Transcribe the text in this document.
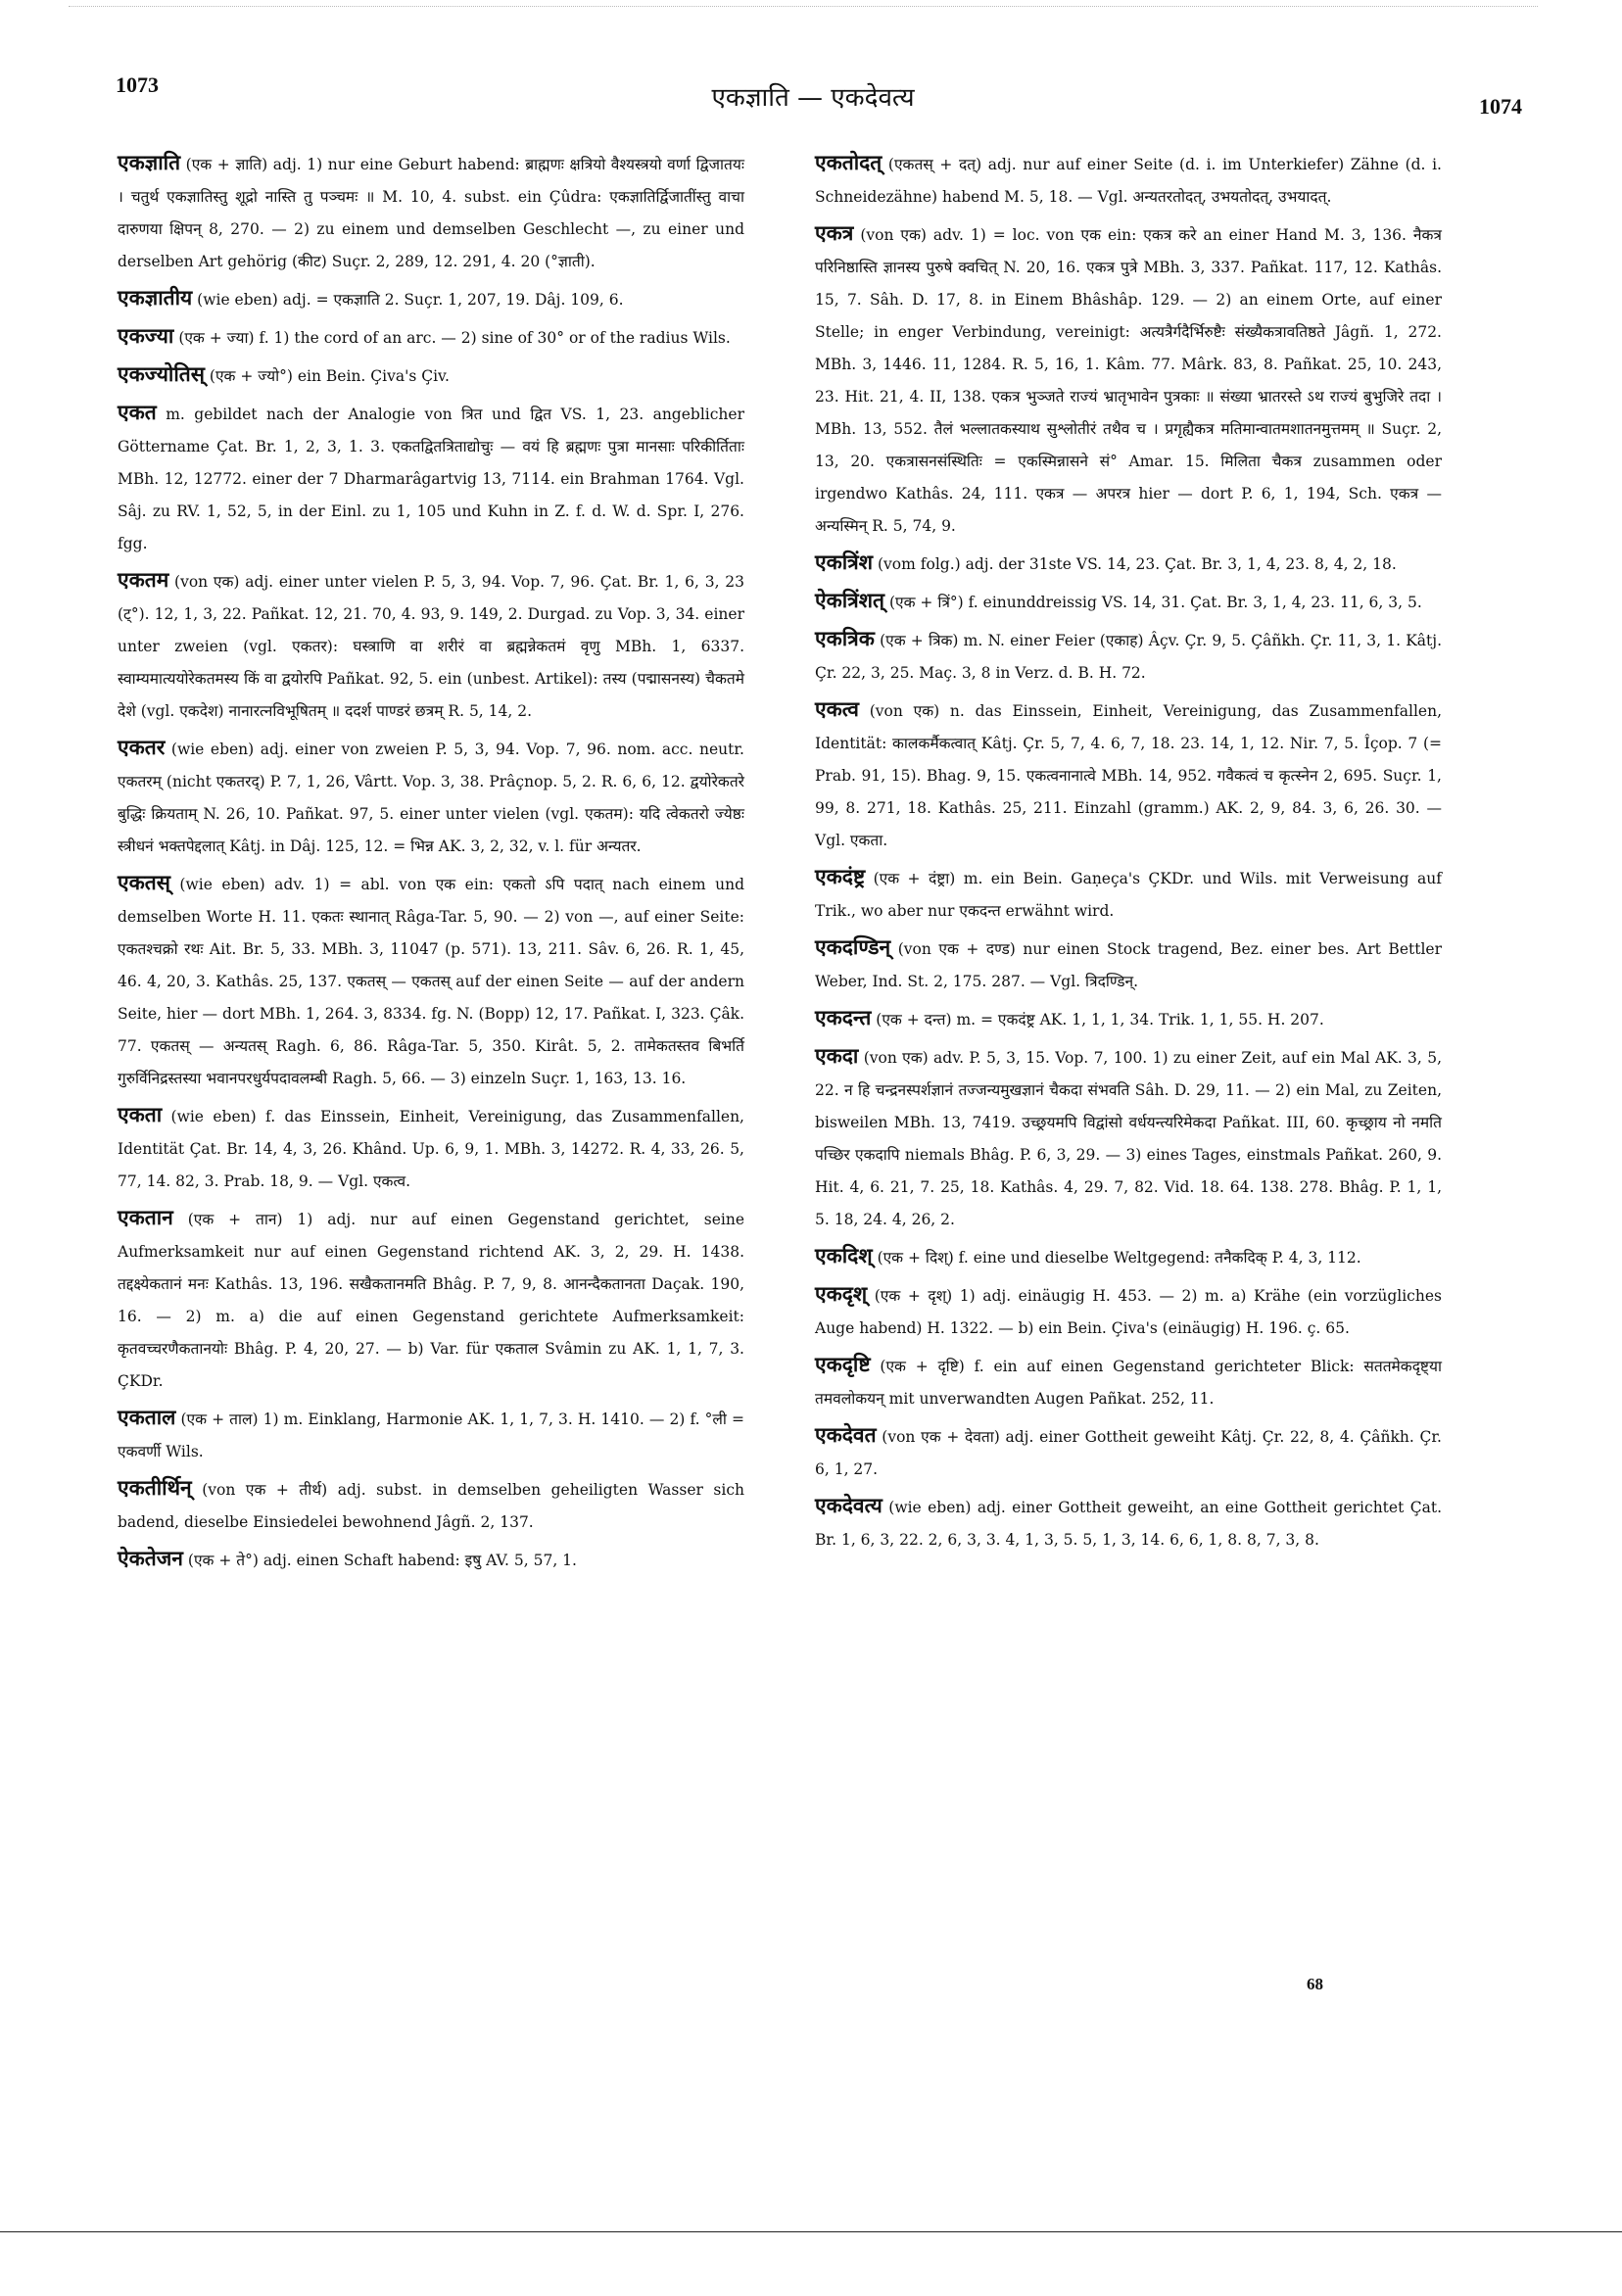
1073	एकज्ञाति — एकदेवत्य	1074

एकज्ञाति (एक + ज्ञाति) adj. 1) nur eine Geburt habend: ब्राह्मणः क्षत्रियो वैश्यस्त्रयो वर्णा द्विजातयः । चतुर्थ एकज्ञातिस्तु शूद्रो नास्ति तु पञ्चमः ॥ M. 10, 4. subst. ein Çûdra: एकज्ञातिर्द्विजातींस्तु वाचा दारुणया क्षिपन् 8, 270. — 2) zu einem und demselben Geschlecht —, zu einer und derselben Art gehörig (कीट) Suçr. 2, 289, 12. 291, 4. 20 (°ज्ञाती).

एकज्ञातीय (wie eben) adj. = एकज्ञाति 2. Suçr. 1, 207, 19. Dâj. 109, 6.

एकज्या (एक + ज्या) f. 1) the cord of an arc. — 2) sine of 30° or of the radius Wils.

एकज्योतिस् (एक + ज्यो°) ein Bein. Çiva's Çiv.

एकत m. gebildet nach der Analogie von त्रित und द्वित VS. 1, 23. angeblicher Göttername Çat. Br. 1, 2, 3, 1. 3. एकतद्वितत्रिताद्योचुः — वयं हि ब्रह्मणः पुत्रा मानसाः परिकीर्तिताः MBh. 12, 12772. einer der 7 Dharmarâgartvig 13, 7114. ein Brahman 1764. Vgl. Sâj. zu RV. 1, 52, 5, in der Einl. zu 1, 105 und Kuhn in Z. f. d. W. d. Spr. I, 276. fgg.

एकतम (von एक) adj. einer unter vielen P. 5, 3, 94. Vop. 7, 96. Çat. Br. 1, 6, 3, 23 (ट्°). 12, 1, 3, 22. Pañkat. 12, 21. 70, 4. 93, 9. 149, 2. Durgad. zu Vop. 3, 34. einer unter zweien (vgl. एकतर): घस्त्राणि वा शरीरं वा ब्रह्मन्नेकतमं वृणु MBh. 1, 6337. स्वाम्यमात्ययोरेकतमस्य किं वा द्वयोरपि Pañkat. 92, 5. ein (unbest. Artikel): तस्य (पद्मासनस्य) चैकतमे देशे (vgl. एकदेश) नानारत्नविभूषितम् ॥ ददर्श पाण्डरं छत्रम् R. 5, 14, 2.

एकतर (wie eben) adj. einer von zweien P. 5, 3, 94. Vop. 7, 96. nom. acc. neutr. एकतरम् (nicht एकतरद्) P. 7, 1, 26, Vârtt. Vop. 3, 38. Prâçnop. 5, 2. R. 6, 6, 12. द्वयोरेकतरे बुद्धिः क्रियताम् N. 26, 10. Pañkat. 97, 5. einer unter vielen (vgl. एकतम): यदि त्वेकतरो ज्येष्ठः स्त्रीधनं भक्तपेद्दलात् Kâtj. in Dâj. 125, 12. = भिन्न AK. 3, 2, 32, v. l. für अन्यतर.

एकतस् (wie eben) adv. 1) = abl. von एक ein: एकतो ऽपि पदात् nach einem und demselben Worte H. 11. एकतः स्थानात् Râga-Tar. 5, 90. — 2) von —, auf einer Seite: एकतश्चक्रो रथः Ait. Br. 5, 33. MBh. 3, 11047 (p. 571). 13, 211. Sâv. 6, 26. R. 1, 45, 46. 4, 20, 3. Kathâs. 25, 137. एकतस् — एकतस् auf der einen Seite — auf der andern Seite, hier — dort MBh. 1, 264. 3, 8334. fg. N. (Bopp) 12, 17. Pañkat. I, 323. Çâk. 77. एकतस् — अन्यतस् Ragh. 6, 86. Râga-Tar. 5, 350. Kirât. 5, 2. तामेकतस्तव बिभर्ति गुरुर्विनिद्रस्तस्या भवानपरधुर्यपदावलम्बी Ragh. 5, 66. — 3) einzeln Suçr. 1, 163, 13. 16.

एकता (wie eben) f. das Einssein, Einheit, Vereinigung, das Zusammenfallen, Identität Çat. Br. 14, 4, 3, 26. Khând. Up. 6, 9, 1. MBh. 3, 14272. R. 4, 33, 26. 5, 77, 14. 82, 3. Prab. 18, 9. — Vgl. एकत्व.

एकतान (एक + तान) 1) adj. nur auf einen Gegenstand gerichtet, seine Aufmerksamkeit nur auf einen Gegenstand richtend AK. 3, 2, 29. H. 1438. तद्दक्ष्येकतानं मनः Kathâs. 13, 196. सखैकतानमति Bhâg. P. 7, 9, 8. आनन्दैकतानता Daçak. 190, 16. — 2) m. a) die auf einen Gegenstand gerichtete Aufmerksamkeit: कृतवच्चरणैकतानयोः Bhâg. P. 4, 20, 27. — b) Var. für एकताल Svâmin zu AK. 1, 1, 7, 3. ÇKDr.

एकताल (एक + ताल) 1) m. Einklang, Harmonie AK. 1, 1, 7, 3. H. 1410. — 2) f. °ली = एकवर्णी Wils.

एकतीर्थिन् (von एक + तीर्थ) adj. subst. in demselben geheiligten Wasser sich badend, dieselbe Einsiedelei bewohnend Jâgñ. 2, 137.

ऐकतेजन (एक + ते°) adj. einen Schaft habend: इषु AV. 5, 57, 1.

एकतोदत् (एकतस् + दत्) adj. nur auf einer Seite (d. i. im Unterkiefer) Zähne (d. i. Schneidezähne) habend M. 5, 18. — Vgl. अन्यतरतोदत्, उभयतोदत्, उभयादत्.

एकत्र (von एक) adv. 1) = loc. von एक ein: एकत्र करे an einer Hand M. 3, 136. नैकत्र परिनिष्ठास्ति ज्ञानस्य पुरुषे क्वचित् N. 20, 16. एकत्र पुत्रे MBh. 3, 337. Pañkat. 117, 12. Kathâs. 15, 7. Sâh. D. 17, 8. in Einem Bhâshâp. 129. — 2) an einem Orte, auf einer Stelle; in enger Verbindung, vereinigt: अत्यत्रैर्गदैर्भिरुष्टैः संख्यैकत्रावतिष्ठते Jâgñ. 1, 272. MBh. 3, 1446. 11, 1284. R. 5, 16, 1. Kâm. 77. Mârk. 83, 8. Pañkat. 25, 10. 243, 23. Hit. 21, 4. II, 138. एकत्र भुञ्जते राज्यं भ्रातृभावेन पुत्रकाः ॥ संख्या भ्रातरस्ते ऽथ राज्यं बुभुजिरे तदा । MBh. 13, 552. तैलं भल्लातकस्याथ सुश्लोतीरं तथैव च । प्रगृह्यैकत्र मतिमान्वातमशातनमुत्तमम् ॥ Suçr. 2, 13, 20. एकत्रासनसंस्थितिः = एकस्मिन्नासने सं° Amar. 15. मिलिता चैकत्र zusammen oder irgendwo Kathâs. 24, 111. एकत्र — अपरत्र hier — dort P. 6, 1, 194, Sch. एकत्र — अन्यस्मिन् R. 5, 74, 9.

एकत्रिंश (vom folg.) adj. der 31ste VS. 14, 23. Çat. Br. 3, 1, 4, 23. 8, 4, 2, 18.

ऐकत्रिंशत् (एक + त्रिं°) f. einunddreissig VS. 14, 31. Çat. Br. 3, 1, 4, 23. 11, 6, 3, 5.

एकत्रिक (एक + त्रिक) m. N. einer Feier (एकाह) Âçv. Çr. 9, 5. Çâñkh. Çr. 11, 3, 1. Kâtj. Çr. 22, 3, 25. Maç. 3, 8 in Verz. d. B. H. 72.

एकत्व (von एक) n. das Einssein, Einheit, Vereinigung, das Zusammenfallen, Identität: कालकर्मैकत्वात् Kâtj. Çr. 5, 7, 4. 6, 7, 18. 23. 14, 1, 12. Nir. 7, 5. Îçop. 7 (= Prab. 91, 15). Bhag. 9, 15. एकत्वनानात्वे MBh. 14, 952. गवैकत्वं च कृत्स्नेन 2, 695. Suçr. 1, 99, 8. 271, 18. Kathâs. 25, 211. Einzahl (gramm.) AK. 2, 9, 84. 3, 6, 26. 30. — Vgl. एकता.

एकदंष्ट्र (एक + दंष्ट्रा) m. ein Bein. Gaṇeça's ÇKDr. und Wils. mit Verweisung auf Trik., wo aber nur एकदन्त erwähnt wird.

एकदण्डिन् (von एक + दण्ड) nur einen Stock tragend, Bez. einer bes. Art Bettler Weber, Ind. St. 2, 175. 287. — Vgl. त्रिदण्डिन्.

एकदन्त (एक + दन्त) m. = एकदंष्ट्र AK. 1, 1, 1, 34. Trik. 1, 1, 55. H. 207.

एकदा (von एक) adv. P. 5, 3, 15. Vop. 7, 100. 1) zu einer Zeit, auf ein Mal AK. 3, 5, 22. न हि चन्द्रनस्पर्शज्ञानं तज्जन्यमुखज्ञानं चैकदा संभवति Sâh. D. 29, 11. — 2) ein Mal, zu Zeiten, bisweilen MBh. 13, 7419. उच्छ्रयमपि विद्वांसो वर्धयन्त्यरिमेकदा Pañkat. III, 60. कृच्छ्राय नो नमति पच्छिर एकदापि niemals Bhâg. P. 6, 3, 29. — 3) eines Tages, einstmals Pañkat. 260, 9. Hit. 4, 6. 21, 7. 25, 18. Kathâs. 4, 29. 7, 82. Vid. 18. 64. 138. 278. Bhâg. P. 1, 1, 5. 18, 24. 4, 26, 2.

एकदिश् (एक + दिश्) f. eine und dieselbe Weltgegend: तनैकदिक् P. 4, 3, 112.

एकदृश् (एक + दृश्) 1) adj. einäugig H. 453. — 2) m. a) Krähe (ein vorzügliches Auge habend) H. 1322. — b) ein Bein. Çiva's (einäugig) H. 196. ç. 65.

एकदृष्टि (एक + दृष्टि) f. ein auf einen Gegenstand gerichteter Blick: सततमेकदृष्ट्या तमवलोकयन् mit unverwandten Augen Pañkat. 252, 11.

एकदेवत (von एक + देवता) adj. einer Gottheit geweiht Kâtj. Çr. 22, 8, 4. Çâñkh. Çr. 6, 1, 27.

एकदेवत्य (wie eben) adj. einer Gottheit geweiht, an eine Gottheit gerichtet Çat. Br. 1, 6, 3, 22. 2, 6, 3, 3. 4, 1, 3, 5. 5, 1, 3, 14. 6, 6, 1, 8. 8, 7, 3, 8.

68
